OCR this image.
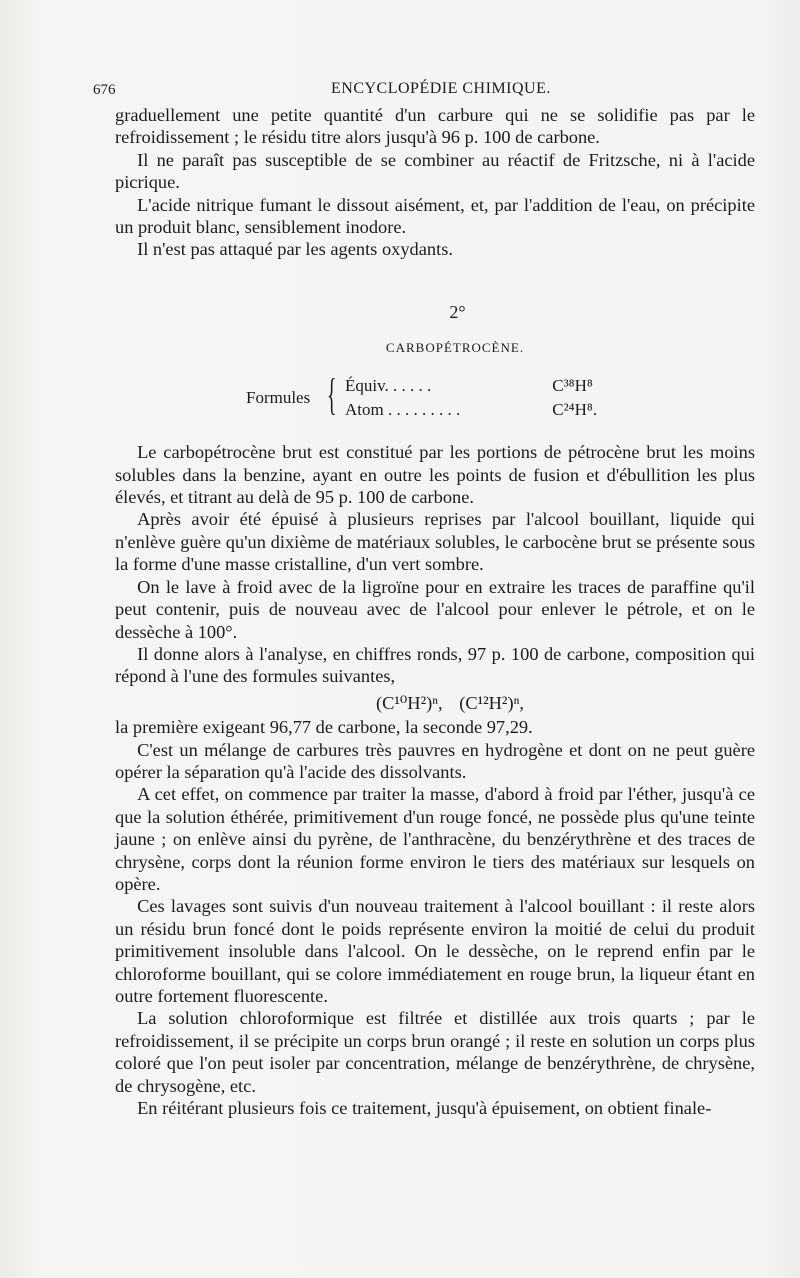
676	ENCYCLOPÉDIE CHIMIQUE.

graduellement une petite quantité d'un carbure qui ne se solidifie pas par le refroidissement ; le résidu titre alors jusqu'à 96 p. 100 de carbone.

Il ne paraît pas susceptible de se combiner au réactif de Fritzsche, ni à l'acide picrique.

L'acide nitrique fumant le dissout aisément, et, par l'addition de l'eau, on précipite un produit blanc, sensiblement inodore.

Il n'est pas attaqué par les agents oxydants.

2°
CARBOPÉTROCÈNE.
Formules { Équiv. . . . . .	C³⁸H⁸
Atom . . . . . . . . .	C²⁴H⁸.

Le carbopétrocène brut est constitué par les portions de pétrocène brut les moins solubles dans la benzine, ayant en outre les points de fusion et d'ébullition les plus élevés, et titrant au delà de 95 p. 100 de carbone.

Après avoir été épuisé à plusieurs reprises par l'alcool bouillant, liquide qui n'enlève guère qu'un dixième de matériaux solubles, le carbocène brut se présente sous la forme d'une masse cristalline, d'un vert sombre.

On le lave à froid avec de la ligroïne pour en extraire les traces de paraffine qu'il peut contenir, puis de nouveau avec de l'alcool pour enlever le pétrole, et on le dessèche à 100°.

Il donne alors à l'analyse, en chiffres ronds, 97 p. 100 de carbone, composition qui répond à l'une des formules suivantes,

(C¹⁰H²)ⁿ, (C¹²H²)ⁿ,

la première exigeant 96,77 de carbone, la seconde 97,29.

C'est un mélange de carbures très pauvres en hydrogène et dont on ne peut guère opérer la séparation qu'à l'acide des dissolvants.

A cet effet, on commence par traiter la masse, d'abord à froid par l'éther, jusqu'à ce que la solution éthérée, primitivement d'un rouge foncé, ne possède plus qu'une teinte jaune ; on enlève ainsi du pyrène, de l'anthracène, du benzérythrène et des traces de chrysène, corps dont la réunion forme environ le tiers des matériaux sur lesquels on opère.

Ces lavages sont suivis d'un nouveau traitement à l'alcool bouillant : il reste alors un résidu brun foncé dont le poids représente environ la moitié de celui du produit primitivement insoluble dans l'alcool. On le dessèche, on le reprend enfin par le chloroforme bouillant, qui se colore immédiatement en rouge brun, la liqueur étant en outre fortement fluorescente.

La solution chloroformique est filtrée et distillée aux trois quarts ; par le refroidissement, il se précipite un corps brun orangé ; il reste en solution un corps plus coloré que l'on peut isoler par concentration, mélange de benzérythrène, de chrysène, de chrysogène, etc.

En réitérant plusieurs fois ce traitement, jusqu'à épuisement, on obtient finale-
